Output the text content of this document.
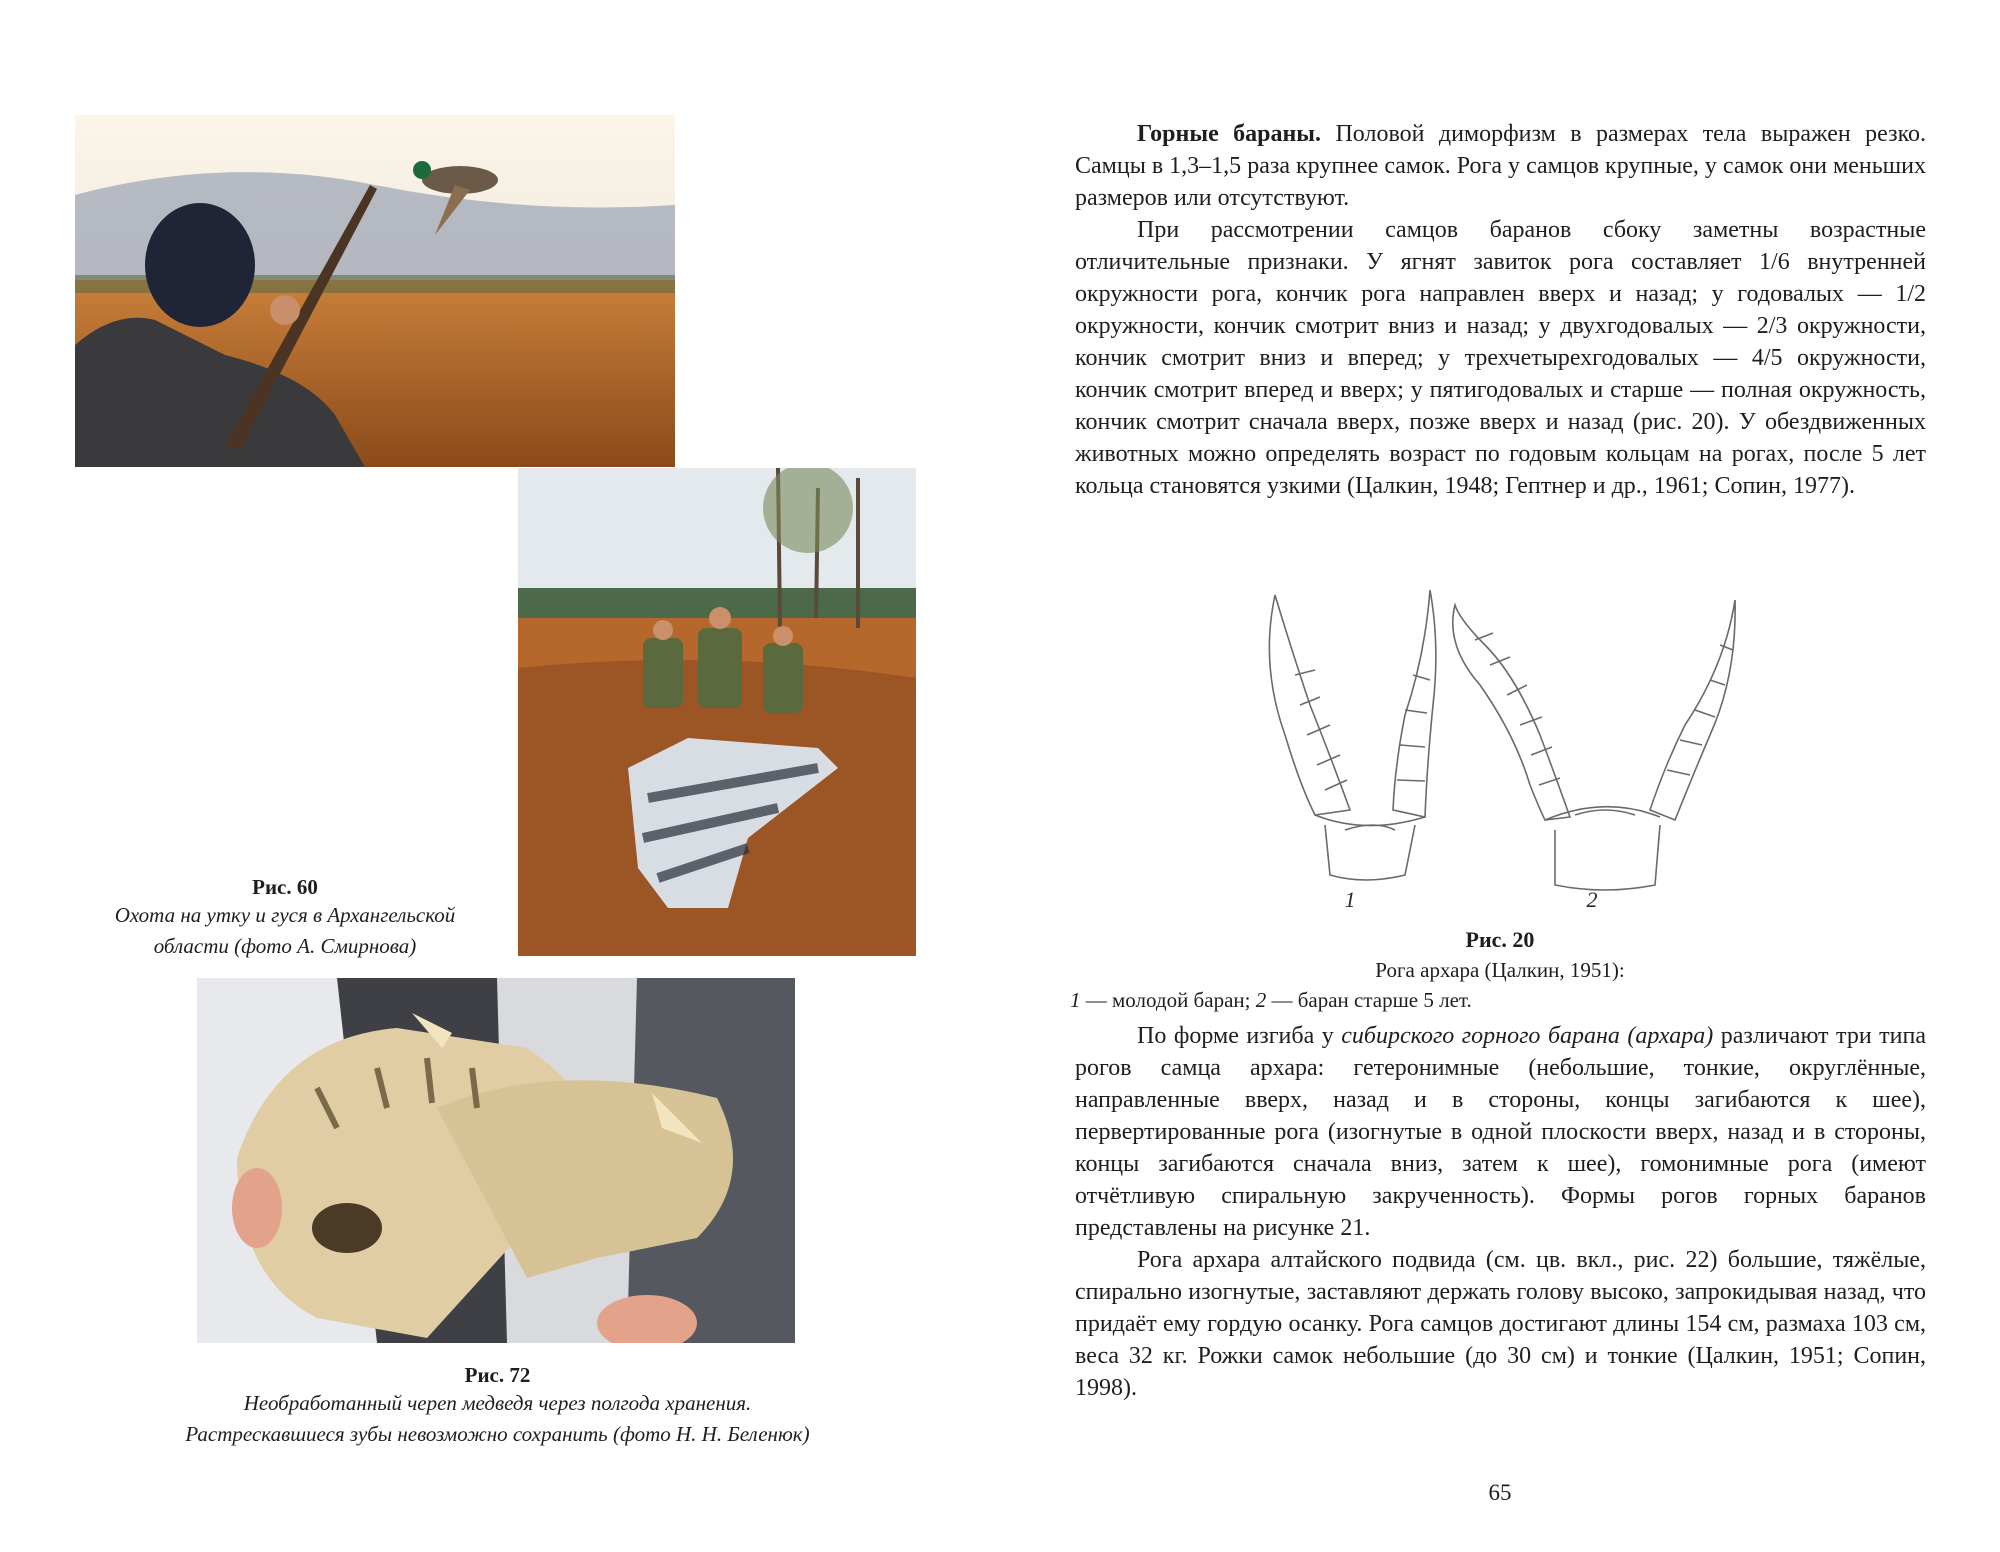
Рис. 60
Охота на утку и гуся в Архангельской
области (фото А. Смирнова)
Рис. 72
Необработанный череп медведя через полгода хранения.
Растрескавшиеся зубы невозможно сохранить (фото Н. Н. Беленюк)

Горные бараны. Половой диморфизм в размерах тела выражен резко. Самцы в 1,3–1,5 раза крупнее самок. Рога у самцов крупные, у самок они меньших размеров или отсутствуют.

При рассмотрении самцов баранов сбоку заметны возрастные отличительные признаки. У ягнят завиток рога составляет 1/6 внутренней окружности рога, кончик рога направлен вверх и назад; у годовалых — 1/2 окружности, кончик смотрит вниз и назад; у двухгодовалых — 2/3 окружности, кончик смотрит вниз и вперед; у трехчетырехгодовалых — 4/5 окружности, кончик смотрит вперед и вверх; у пятигодовалых и старше — полная окружность, кончик смотрит сначала вверх, позже вверх и назад (рис. 20). У обездвиженных животных можно определять возраст по годовым кольцам на рогах, после 5 лет кольца становятся узкими (Цалкин, 1948; Гептнер и др., 1961; Сопин, 1977).

1	2
Рис. 20
Рога архара (Цалкин, 1951):
1 — молодой баран; 2 — баран старше 5 лет.

По форме изгиба у сибирского горного барана (архара) различают три типа рогов самца архара: гетеронимные (небольшие, тонкие, округлённые, направленные вверх, назад и в стороны, концы загибаются к шее), первертированные рога (изогнутые в одной плоскости вверх, назад и в стороны, концы загибаются сначала вниз, затем к шее), гомонимные рога (имеют отчётливую спиральную закрученность). Формы рогов горных баранов представлены на рисунке 21.

Рога архара алтайского подвида (см. цв. вкл., рис. 22) большие, тяжёлые, спирально изогнутые, заставляют держать голову высоко, запрокидывая назад, что придаёт ему гордую осанку. Рога самцов достигают длины 154 см, размаха 103 см, веса 32 кг. Рожки самок небольшие (до 30 см) и тонкие (Цалкин, 1951; Сопин, 1998).

65
